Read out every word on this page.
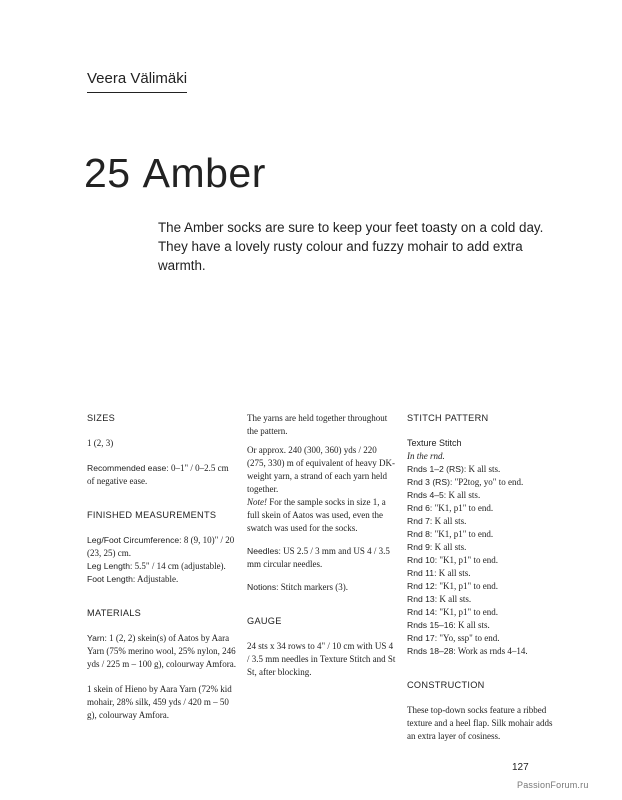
Veera Välimäki
25 Amber
The Amber socks are sure to keep your feet toasty on a cold day. They have a lovely rusty colour and fuzzy mohair to add extra warmth.

SIZES

1 (2, 3)

Recommended ease: 0–1" / 0–2.5 cm of negative ease.

FINISHED MEASUREMENTS

Leg/Foot Circumference: 8 (9, 10)" / 20 (23, 25) cm.

Leg Length: 5.5" / 14 cm (adjustable).

Foot Length: Adjustable.

MATERIALS

Yarn: 1 (2, 2) skein(s) of Aatos by Aara Yarn (75% merino wool, 25% nylon, 246 yds / 225 m – 100 g), colourway Amfora.

1 skein of Hieno by Aara Yarn (72% kid mohair, 28% silk, 459 yds / 420 m – 50 g), colourway Amfora.

The yarns are held together throughout the pattern.

Or approx. 240 (300, 360) yds / 220 (275, 330) m of equivalent of heavy DK-weight yarn, a strand of each yarn held together.

Note! For the sample socks in size 1, a full skein of Aatos was used, even the swatch was used for the socks.

Needles: US 2.5 / 3 mm and US 4 / 3.5 mm circular needles.

Notions: Stitch markers (3).

GAUGE

24 sts x 34 rows to 4" / 10 cm with US 4 / 3.5 mm needles in Texture Stitch and St St, after blocking.

STITCH PATTERN

Texture Stitch

In the rnd.

Rnds 1–2 (RS): K all sts.

Rnd 3 (RS): "P2tog, yo" to end.

Rnds 4–5: K all sts.

Rnd 6: "K1, p1" to end.

Rnd 7: K all sts.

Rnd 8: "K1, p1" to end.

Rnd 9: K all sts.

Rnd 10: "K1, p1" to end.

Rnd 11: K all sts.

Rnd 12: "K1, p1" to end.

Rnd 13: K all sts.

Rnd 14: "K1, p1" to end.

Rnds 15–16: K all sts.

Rnd 17: "Yo, ssp" to end.

Rnds 18–28: Work as rnds 4–14.

CONSTRUCTION

These top-down socks feature a ribbed texture and a heel flap. Silk mohair adds an extra layer of cosiness.

127
PassionForum.ru
